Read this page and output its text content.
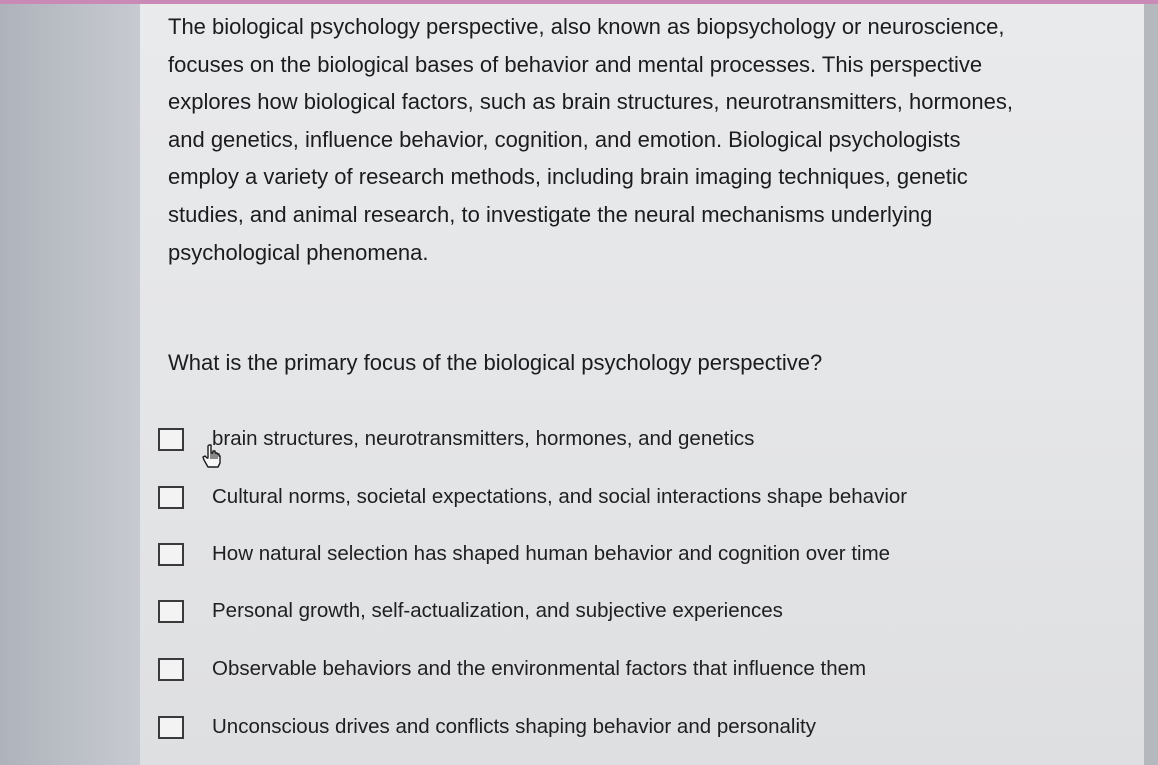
The biological psychology perspective, also known as biopsychology or neuroscience, focuses on the biological bases of behavior and mental processes. This perspective explores how biological factors, such as brain structures, neurotransmitters, hormones, and genetics, influence behavior, cognition, and emotion. Biological psychologists employ a variety of research methods, including brain imaging techniques, genetic studies, and animal research, to investigate the neural mechanisms underlying psychological phenomena.

What is the primary focus of the biological psychology perspective?

brain structures, neurotransmitters, hormones, and genetics
Cultural norms, societal expectations, and social interactions shape behavior
How natural selection has shaped human behavior and cognition over time
Personal growth, self-actualization, and subjective experiences
Observable behaviors and the environmental factors that influence them
Unconscious drives and conflicts shaping behavior and personality
